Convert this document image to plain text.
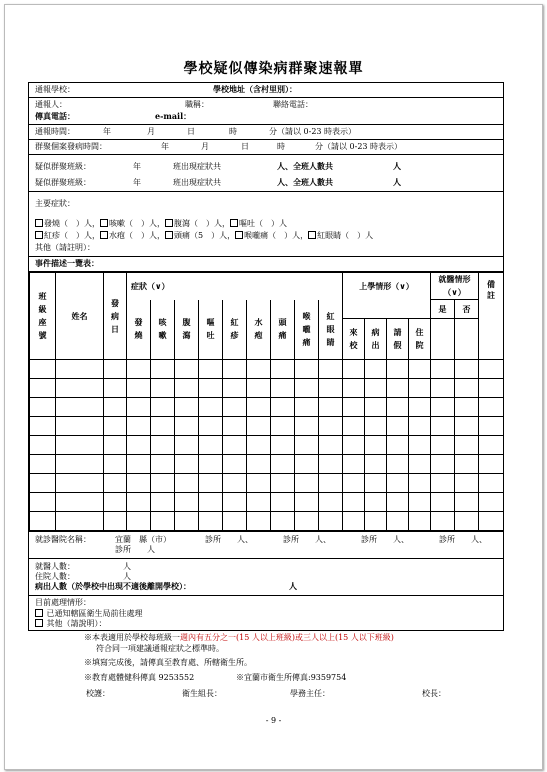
學校疑似傳染病群聚速報單
通報學校：	學校地址（含村里別）：
通報人：	職稱：	聯絡電話：
傳真電話：	e-mail：
通報時間：	年	月	日	時	分（請以 0-23 時表示）
群聚個案發病時間：	年	月	日	時	分（請以 0-23 時表示）
疑似群聚班級：	年	班出現症狀共	人、全班人數共	人
疑似群聚班級：	年	班出現症狀共	人、全班人數共	人
主要症狀：
發燒（　）人， 咳嗽（　）人， 腹瀉（　）人， 嘔吐（　）人
紅疹（　）人， 水疱（　）人， 頭痛（5　）人， 喉嚨痛（　）人， 紅眼睛（　）人
其他（請註明）：
事件描述一覽表：
班級座號	姓名	發病日	症狀（∨）									上學情形（∨）				就醫情形（∨）		備註
			發燒	咳嗽	腹瀉	嘔吐	紅疹	水疱	頭痛	喉嚨痛	紅眼睛					是	否	
												來校	病出	請假	住院			

就診醫院名稱：	宜蘭　縣（市）	診所　　人、	診所　　人、	診所　　人、	診所　　人、
診所　　人
就醫人數：	人
住院人數：	人
病出人數（於學校中出現不適後離開學校）：	人
目前處理情形：
已通知轄區衛生局前往處理
其他（請說明）：
※本表適用於學校每班級一週內有五分之一(15 人以上班級)或三人以上(15 人以下班級)
符合同一項建議通報症狀之標準時。
※填寫完成後，請傳真至教育處、所轄衛生所。
※教育處體健科傳真 9253552	※宜蘭市衛生所傳真:9359754
校護：	衛生組長：	學務主任：	校長：
- 9 -
